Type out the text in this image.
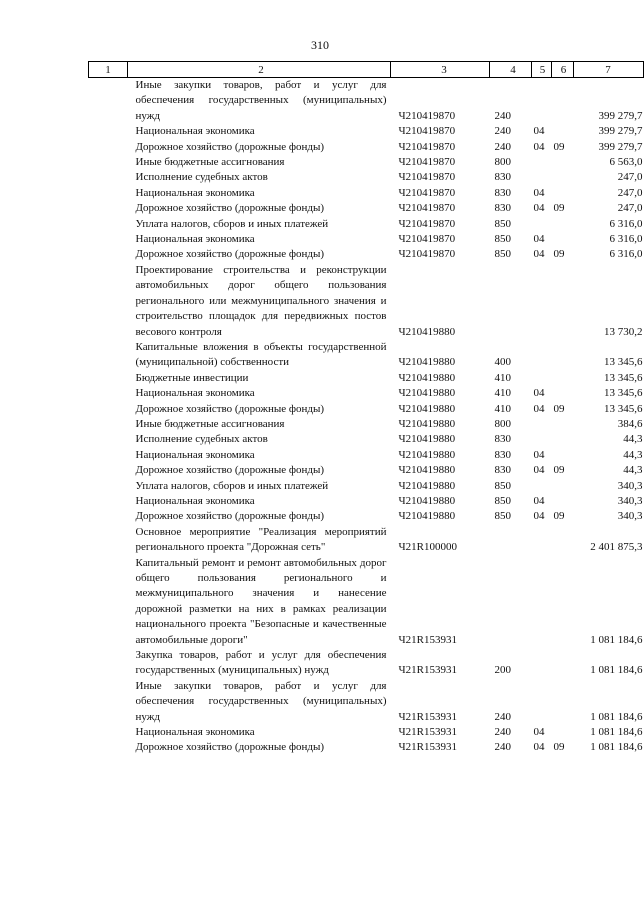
310
1	2	3	4	5	6	7
	Иные закупки товаров, работ и услуг для обеспечения государственных (муниципальных) нужд	Ч210419870	240			399 279,7
	Национальная экономика	Ч210419870	240	04		399 279,7
	Дорожное хозяйство (дорожные фонды)	Ч210419870	240	04	09	399 279,7
	Иные бюджетные ассигнования	Ч210419870	800			6 563,0
	Исполнение судебных актов	Ч210419870	830			247,0
	Национальная экономика	Ч210419870	830	04		247,0
	Дорожное хозяйство (дорожные фонды)	Ч210419870	830	04	09	247,0
	Уплата налогов, сборов и иных платежей	Ч210419870	850			6 316,0
	Национальная экономика	Ч210419870	850	04		6 316,0
	Дорожное хозяйство (дорожные фонды)	Ч210419870	850	04	09	6 316,0
	Проектирование строительства и реконструкции автомобильных дорог общего пользования регионального или межмуниципального значения и строительство площадок для передвижных постов весового контроля	Ч210419880				13 730,2
	Капитальные вложения в объекты государственной (муниципальной) собственности	Ч210419880	400			13 345,6
	Бюджетные инвестиции	Ч210419880	410			13 345,6
	Национальная экономика	Ч210419880	410	04		13 345,6
	Дорожное хозяйство (дорожные фонды)	Ч210419880	410	04	09	13 345,6
	Иные бюджетные ассигнования	Ч210419880	800			384,6
	Исполнение судебных актов	Ч210419880	830			44,3
	Национальная экономика	Ч210419880	830	04		44,3
	Дорожное хозяйство (дорожные фонды)	Ч210419880	830	04	09	44,3
	Уплата налогов, сборов и иных платежей	Ч210419880	850			340,3
	Национальная экономика	Ч210419880	850	04		340,3
	Дорожное хозяйство (дорожные фонды)	Ч210419880	850	04	09	340,3
	Основное мероприятие "Реализация мероприятий регионального проекта "Дорожная сеть"	Ч21R100000				2 401 875,3
	Капитальный ремонт и ремонт автомобильных дорог общего пользования регионального и межмуниципального значения и нанесение дорожной разметки на них в рамках реализации национального проекта "Безопасные и качественные автомобильные дороги"	Ч21R153931				1 081 184,6
	Закупка товаров, работ и услуг для обеспечения государственных (муниципальных) нужд	Ч21R153931	200			1 081 184,6
	Иные закупки товаров, работ и услуг для обеспечения государственных (муниципальных) нужд	Ч21R153931	240			1 081 184,6
	Национальная экономика	Ч21R153931	240	04		1 081 184,6
	Дорожное хозяйство (дорожные фонды)	Ч21R153931	240	04	09	1 081 184,6
